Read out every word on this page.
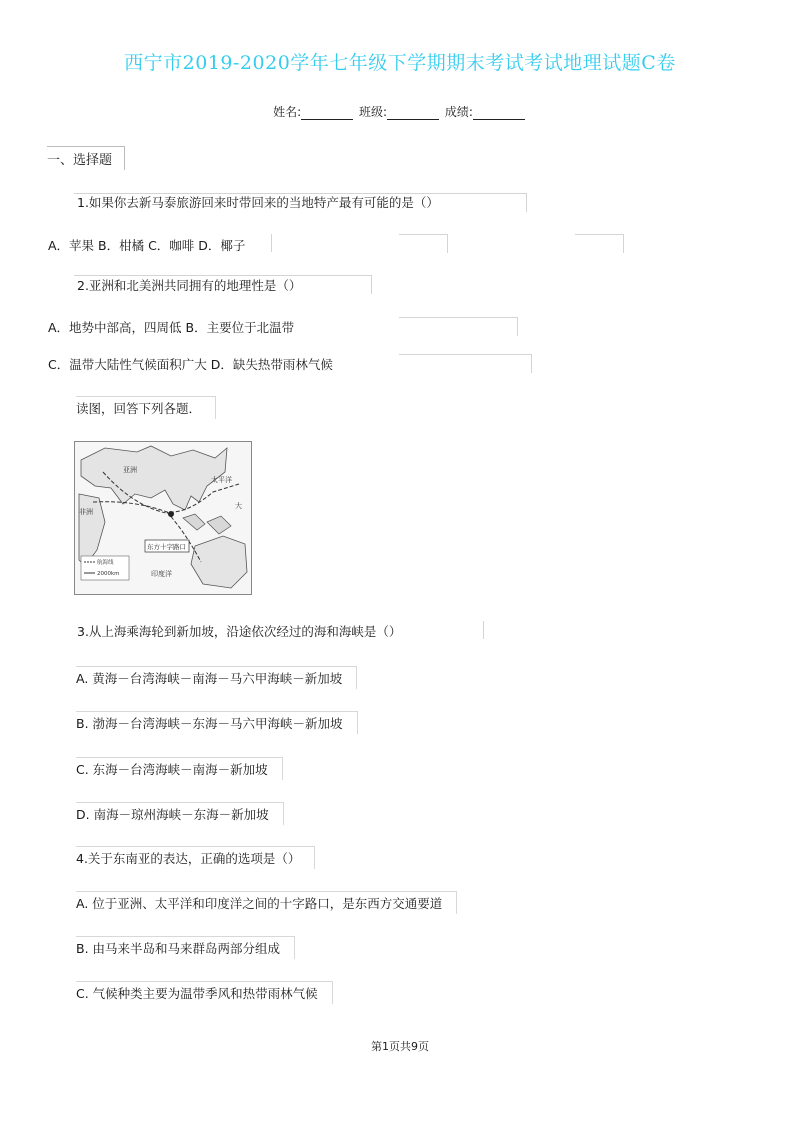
西宁市2019-2020学年七年级下学期期末考试考试地理试题C卷
姓名:	班级:	成绩:
一、选择题
1.如果你去新马泰旅游回来时带回来的当地特产最有可能的是（）
A．苹果 B．柑橘 C．咖啡 D．椰子
2.亚洲和北美洲共同拥有的地理性是（）
A．地势中部高，四周低 B．主要位于北温带
C．温带大陆性气候面积广大 D．缺失热带雨林气候
读图，回答下列各题．
亚洲
太平洋
非洲
印度洋
大
东方十字路口
航海线
2000km
3.从上海乘海轮到新加坡，沿途依次经过的海和海峡是（）
A. 黄海－台湾海峡－南海－马六甲海峡－新加坡
B. 渤海－台湾海峡－东海－马六甲海峡－新加坡
C. 东海－台湾海峡－南海－新加坡
D. 南海－琼州海峡－东海－新加坡
4.关于东南亚的表达，正确的选项是（）
A. 位于亚洲、太平洋和印度洋之间的十字路口，是东西方交通要道
B. 由马来半岛和马来群岛两部分组成
C. 气候种类主要为温带季风和热带雨林气候
第1页共9页
